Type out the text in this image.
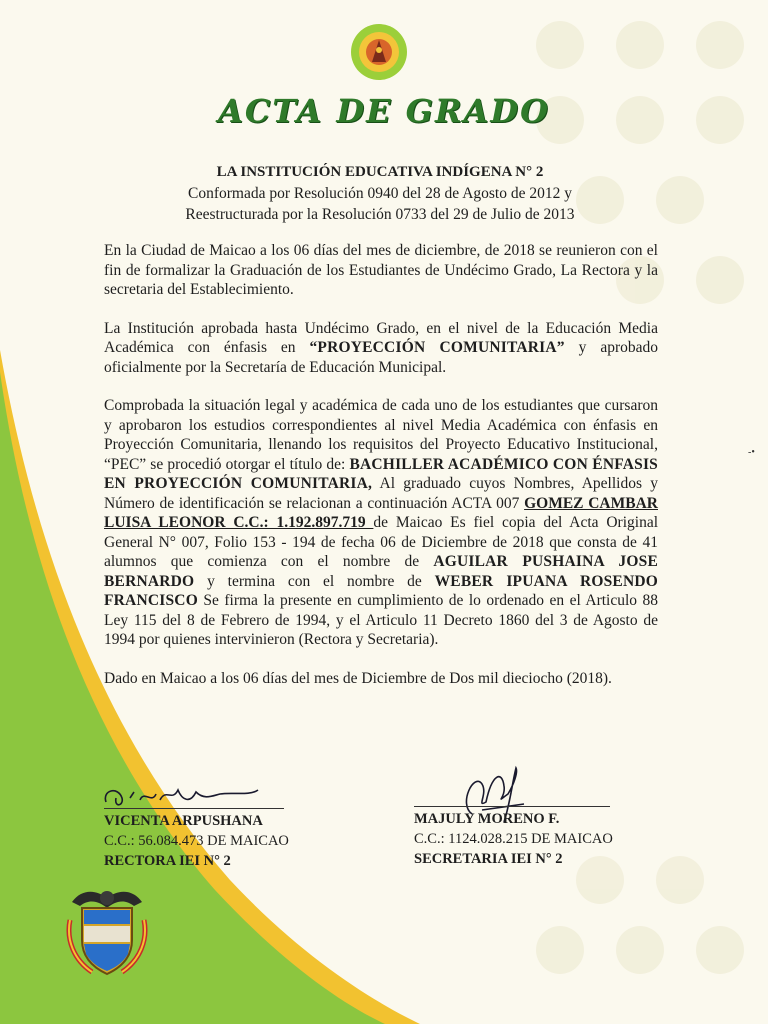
ACTA DE GRADO
LA INSTITUCIÓN EDUCATIVA INDÍGENA N° 2
Conformada por Resolución 0940 del 28 de Agosto de 2012 y
Reestructurada por la Resolución 0733 del 29 de Julio de 2013

En la Ciudad de Maicao a los 06 días del mes de diciembre, de 2018 se reunieron con el fin de formalizar la Graduación de los Estudiantes de Undécimo Grado, La Rectora y la secretaria del Establecimiento.

La Institución aprobada hasta Undécimo Grado, en el nivel de la Educación Media Académica con énfasis en “PROYECCIÓN COMUNITARIA” y aprobado oficialmente por la Secretaría de Educación Municipal.

Comprobada la situación legal y académica de cada uno de los estudiantes que cursaron y aprobaron los estudios correspondientes al nivel Media Académica con énfasis en Proyección Comunitaria, llenando los requisitos del Proyecto Educativo Institucional, “PEC” se procedió otorgar el título de: BACHILLER ACADÉMICO CON ÉNFASIS EN PROYECCIÓN COMUNITARIA, Al graduado cuyos Nombres, Apellidos y Número de identificación se relacionan a continuación ACTA 007 GOMEZ CAMBAR LUISA LEONOR C.C.: 1.192.897.719 de Maicao Es fiel copia del Acta Original General N° 007, Folio 153 - 194 de fecha 06 de Diciembre de 2018 que consta de 41 alumnos que comienza con el nombre de AGUILAR PUSHAINA JOSE BERNARDO y termina con el nombre de WEBER IPUANA ROSENDO FRANCISCO Se firma la presente en cumplimiento de lo ordenado en el Articulo 88 Ley 115 del 8 de Febrero de 1994, y el Articulo 11 Decreto 1860 del 3 de Agosto de 1994 por quienes intervinieron (Rectora y Secretaria).

Dado en Maicao a los 06 días del mes de Diciembre de Dos mil dieciocho (2018).

VICENTA ARPUSHANA
C.C.: 56.084.473 DE MAICAO
RECTORA IEI N° 2
MAJULY MORENO F.
C.C.: 1124.028.215 DE MAICAO
SECRETARIA IEI N° 2
-•
